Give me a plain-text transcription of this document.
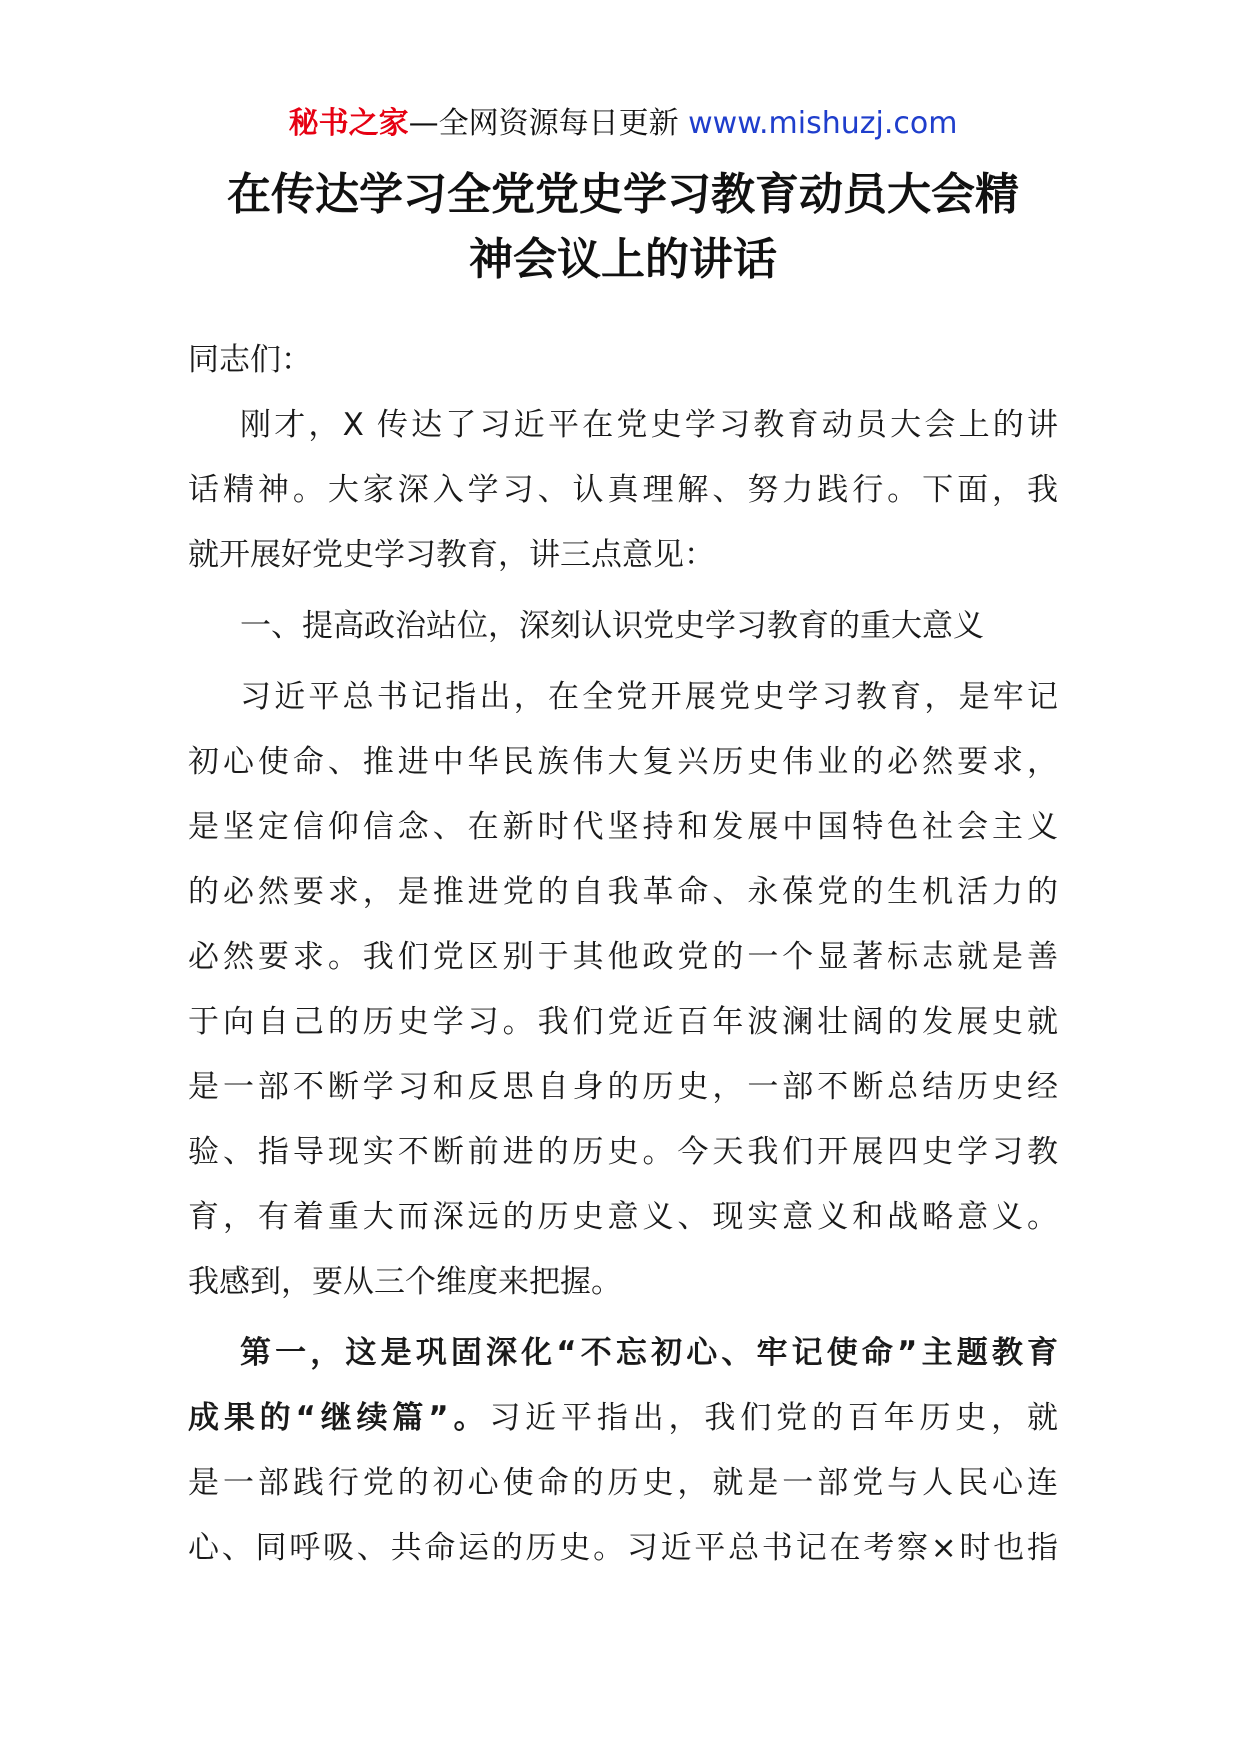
秘书之家—全网资源每日更新 www.mishuzj.com
在传达学习全党党史学习教育动员大会精
神会议上的讲话
同志们：
刚才，X 传达了习近平在党史学习教育动员大会上的讲
话精神。大家深入学习、认真理解、努力践行。下面，我
就开展好党史学习教育，讲三点意见：
一、提高政治站位，深刻认识党史学习教育的重大意义
习近平总书记指出，在全党开展党史学习教育，是牢记
初心使命、推进中华民族伟大复兴历史伟业的必然要求，
是坚定信仰信念、在新时代坚持和发展中国特色社会主义
的必然要求，是推进党的自我革命、永葆党的生机活力的
必然要求。我们党区别于其他政党的一个显著标志就是善
于向自己的历史学习。我们党近百年波澜壮阔的发展史就
是一部不断学习和反思自身的历史，一部不断总结历史经
验、指导现实不断前进的历史。今天我们开展四史学习教
育，有着重大而深远的历史意义、现实意义和战略意义。
我感到，要从三个维度来把握。
第一，这是巩固深化“不忘初心、牢记使命”主题教育
成果的“继续篇”。习近平指出，我们党的百年历史，就
是一部践行党的初心使命的历史，就是一部党与人民心连
心、同呼吸、共命运的历史。习近平总书记在考察×时也指
